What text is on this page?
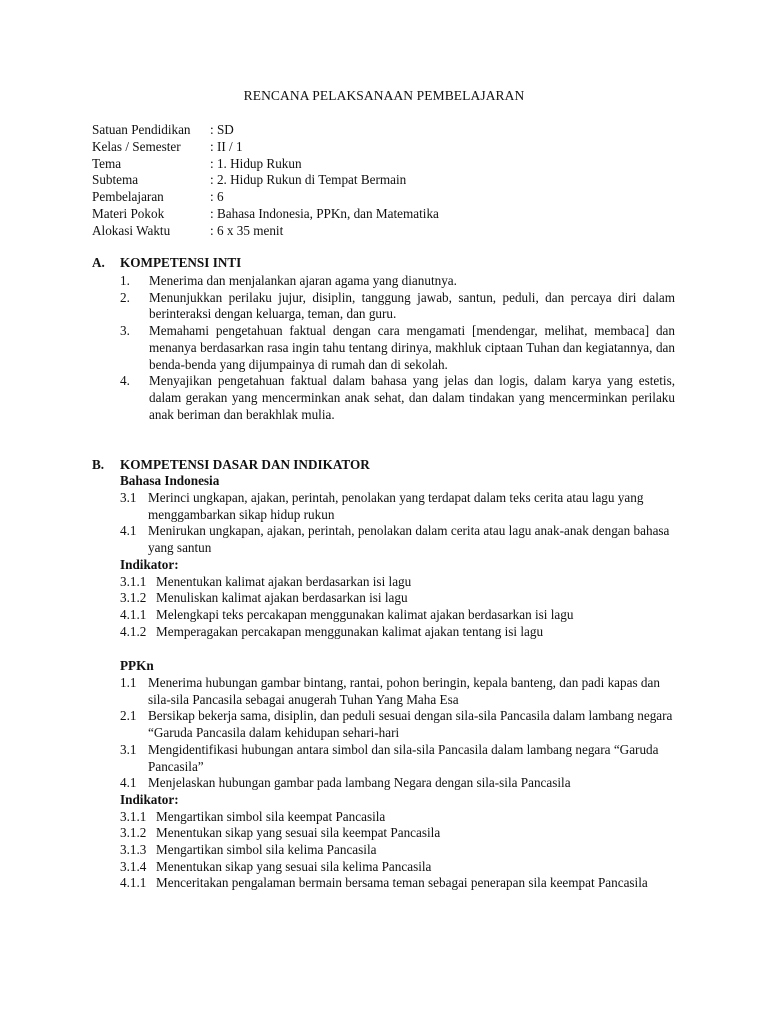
RENCANA PELAKSANAAN PEMBELAJARAN
Satuan Pendidikan	: SD
Kelas / Semester	: II / 1
Tema	: 1. Hidup Rukun
Subtema	: 2. Hidup Rukun di Tempat Bermain
Pembelajaran	: 6
Materi Pokok	: Bahasa Indonesia, PPKn, dan Matematika
Alokasi Waktu	: 6 x 35 menit
A.	KOMPETENSI INTI
1.	Menerima dan menjalankan ajaran agama yang dianutnya.
2.	Menunjukkan perilaku jujur, disiplin, tanggung jawab, santun, peduli, dan percaya diri dalam berinteraksi dengan keluarga, teman, dan guru.
3.	Memahami pengetahuan faktual dengan cara mengamati [mendengar, melihat, membaca] dan menanya berdasarkan rasa ingin tahu tentang dirinya, makhluk ciptaan Tuhan dan kegiatannya, dan benda-benda yang dijumpainya di rumah dan di sekolah.
4.	Menyajikan pengetahuan faktual dalam bahasa yang jelas dan logis, dalam karya yang estetis, dalam gerakan yang mencerminkan anak sehat, dan dalam tindakan yang mencerminkan perilaku anak beriman dan berakhlak mulia.
B.	KOMPETENSI DASAR DAN INDIKATOR
Bahasa Indonesia
3.1 Merinci ungkapan, ajakan, perintah, penolakan yang terdapat dalam teks cerita atau lagu yang menggambarkan sikap hidup rukun
4.1 Menirukan ungkapan, ajakan, perintah, penolakan dalam cerita atau lagu anak-anak dengan bahasa yang santun
Indikator:
3.1.1 Menentukan kalimat ajakan berdasarkan isi lagu
3.1.2 Menuliskan kalimat ajakan berdasarkan isi lagu
4.1.1 Melengkapi teks percakapan menggunakan kalimat ajakan berdasarkan isi lagu
4.1.2 Memperagakan percakapan menggunakan kalimat ajakan tentang isi lagu
PPKn
1.1 Menerima hubungan gambar bintang, rantai, pohon beringin, kepala banteng, dan padi kapas dan sila-sila Pancasila sebagai anugerah Tuhan Yang Maha Esa
2.1 Bersikap bekerja sama, disiplin, dan peduli sesuai dengan sila-sila Pancasila dalam lambang negara “Garuda Pancasila dalam kehidupan sehari-hari
3.1 Mengidentifikasi hubungan antara simbol dan sila-sila Pancasila dalam lambang negara “Garuda Pancasila”
4.1 Menjelaskan hubungan gambar pada lambang Negara dengan sila-sila Pancasila
Indikator:
3.1.1 Mengartikan simbol sila keempat Pancasila
3.1.2 Menentukan sikap yang sesuai sila keempat Pancasila
3.1.3 Mengartikan simbol sila kelima Pancasila
3.1.4 Menentukan sikap yang sesuai sila kelima Pancasila
4.1.1 Menceritakan pengalaman bermain bersama teman sebagai penerapan sila keempat Pancasila
